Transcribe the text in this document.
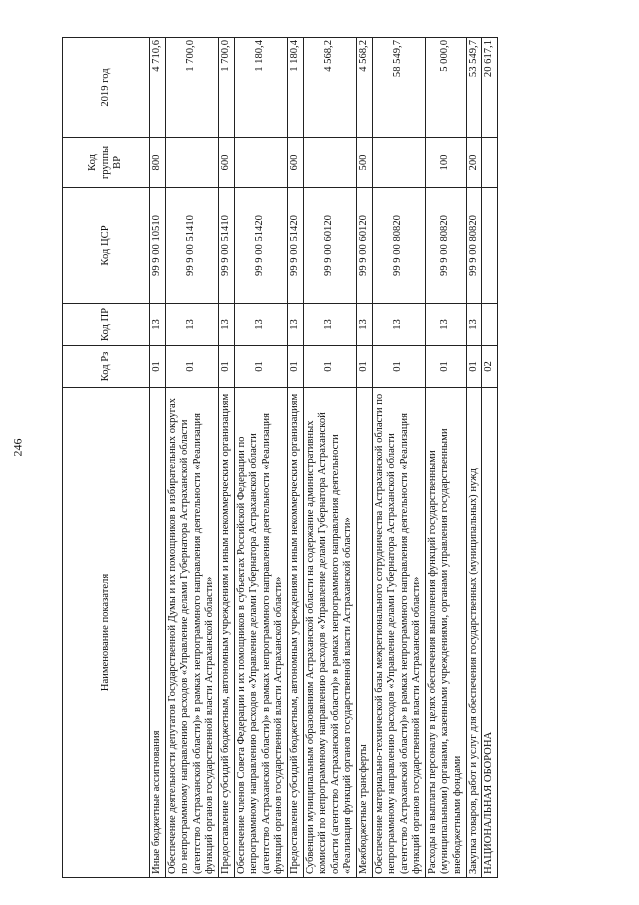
246
Наименование показателя	Код Рз	Код ПР	Код ЦСР	Код группы ВР	2019 год
Иные бюджетные ассигнования	01	13	99 9 00 10510	800	4 710,6
Обеспечение деятельности депутатов Государственной Думы и их помощников в избирательных округах по непрограммному направлению расходов «Управление делами Губернатора Астраханской области (агентство Астраханской области)» в рамках непрограммного направления деятельности «Реализация функций органов государственной власти Астраханской области»	01	13	99 9 00 51410		1 700,0
Предоставление субсидий бюджетным, автономным учреждениям и иным некоммерческим организациям	01	13	99 9 00 51410	600	1 700,0
Обеспечение членов Совета Федерации и их помощников в субъектах Российской Федерации по непрограммному направлению расходов «Управление делами Губернатора Астраханской области (агентство Астраханской области)» в рамках непрограммного направления деятельности «Реализация функций органов государственной власти Астраханской области»	01	13	99 9 00 51420		1 180,4
Предоставление субсидий бюджетным, автономным учреждениям и иным некоммерческим организациям	01	13	99 9 00 51420	600	1 180,4
Субвенции муниципальным образованиям Астраханской области на содержание административных комиссий по непрограммному направлению расходов «Управление делами Губернатора Астраханской области (агентство Астраханской области)» в рамках непрограммного направления деятельности «Реализация функций органов государственной власти Астраханской области»	01	13	99 9 00 60120		4 568,2
Межбюджетные трансферты	01	13	99 9 00 60120	500	4 568,2
Обеспечение материально-технической базы межрегионального сотрудничества Астраханской области по непрограммному направлению расходов «Управление делами Губернатора Астраханской области (агентство Астраханской области)» в рамках непрограммного направления деятельности «Реализация функций органов государственной власти Астраханской области»	01	13	99 9 00 80820		58 549,7
Расходы на выплаты персоналу в целях обеспечения выполнения функций государственными (муниципальными) органами, казенными учреждениями, органами управления государственными внебюджетными фондами	01	13	99 9 00 80820	100	5 000,0
Закупка товаров, работ и услуг для обеспечения государственных (муниципальных) нужд	01	13	99 9 00 80820	200	53 549,7
НАЦИОНАЛЬНАЯ ОБОРОНА	02				20 617,1
